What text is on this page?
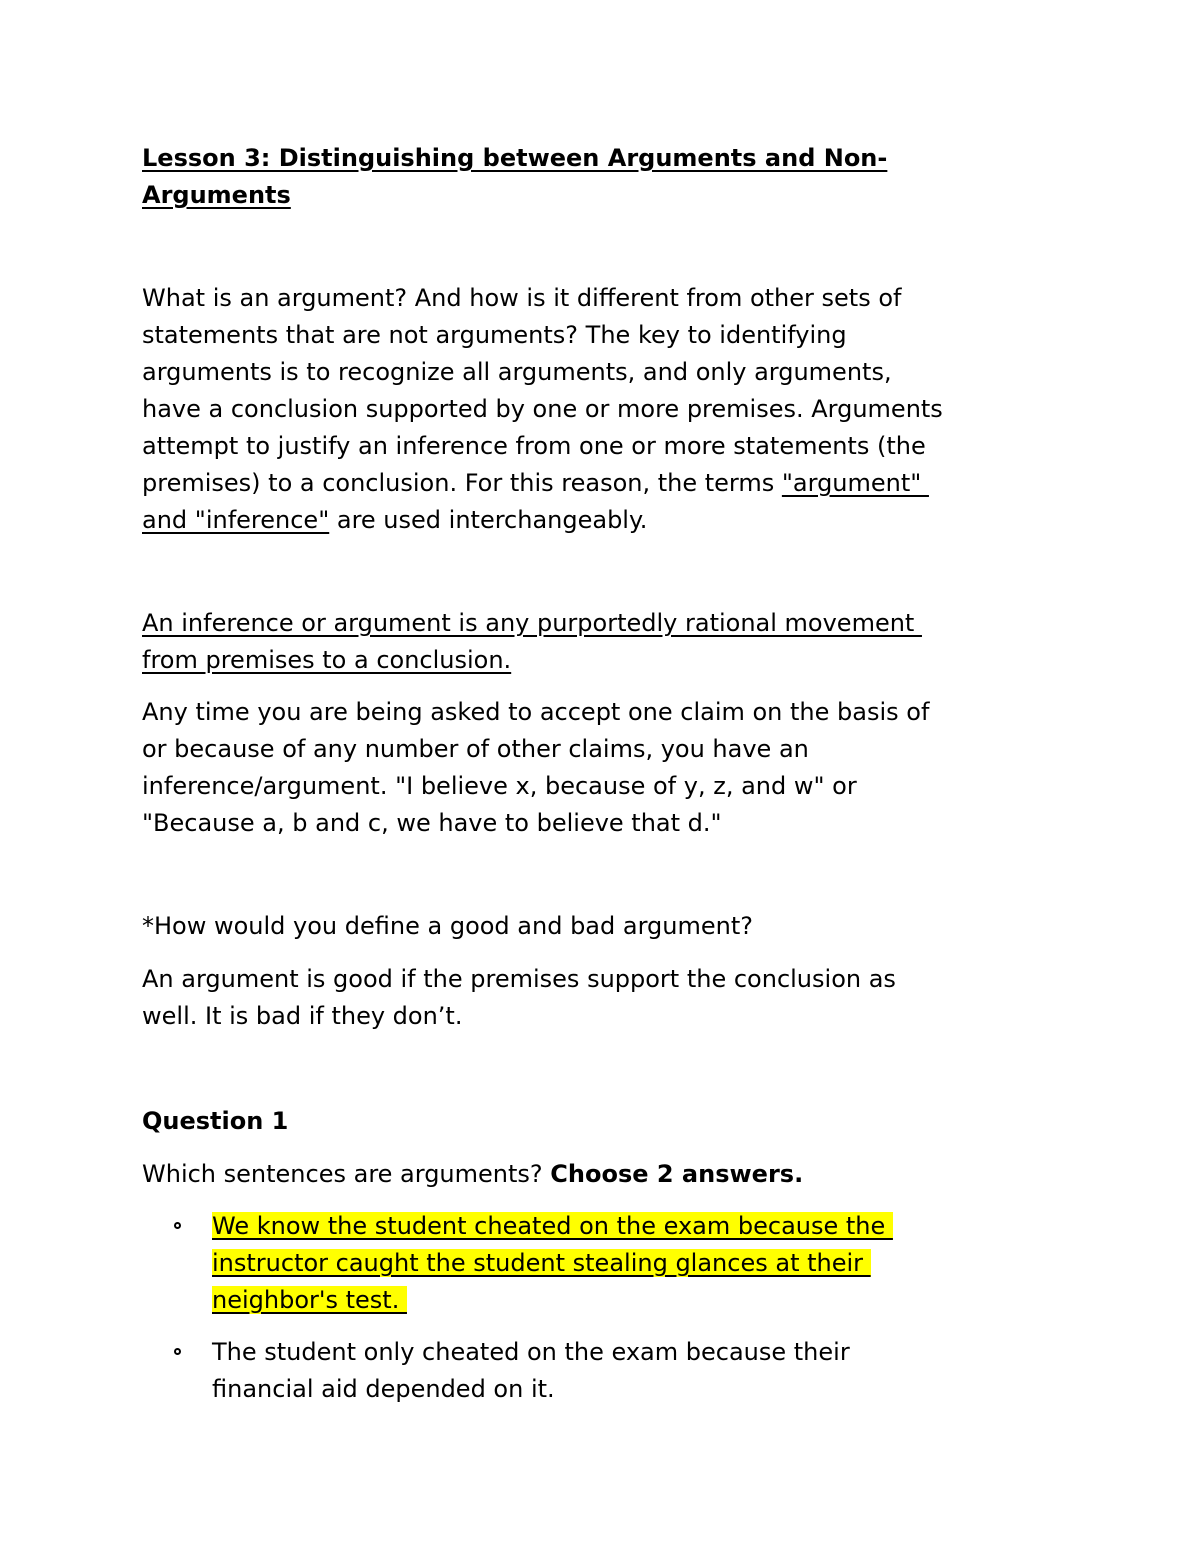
Lesson 3: Distinguishing between Arguments and Non-
Arguments
What is an argument? And how is it different from other sets of
statements that are not arguments? The key to identifying
arguments is to recognize all arguments, and only arguments,
have a conclusion supported by one or more premises. Arguments
attempt to justify an inference from one or more statements (the
premises) to a conclusion. For this reason, the terms "argument"
and "inference" are used interchangeably.
An inference or argument is any purportedly rational movement
from premises to a conclusion.
Any time you are being asked to accept one claim on the basis of
or because of any number of other claims, you have an
inference/argument. "I believe x, because of y, z, and w" or
"Because a, b and c, we have to believe that d."
*How would you define a good and bad argument?
An argument is good if the premises support the conclusion as
well. It is bad if they don’t.
Question 1
Which sentences are arguments? Choose 2 answers.
We know the student cheated on the exam because the
instructor caught the student stealing glances at their
neighbor's test.
The student only cheated on the exam because their
financial aid depended on it.
